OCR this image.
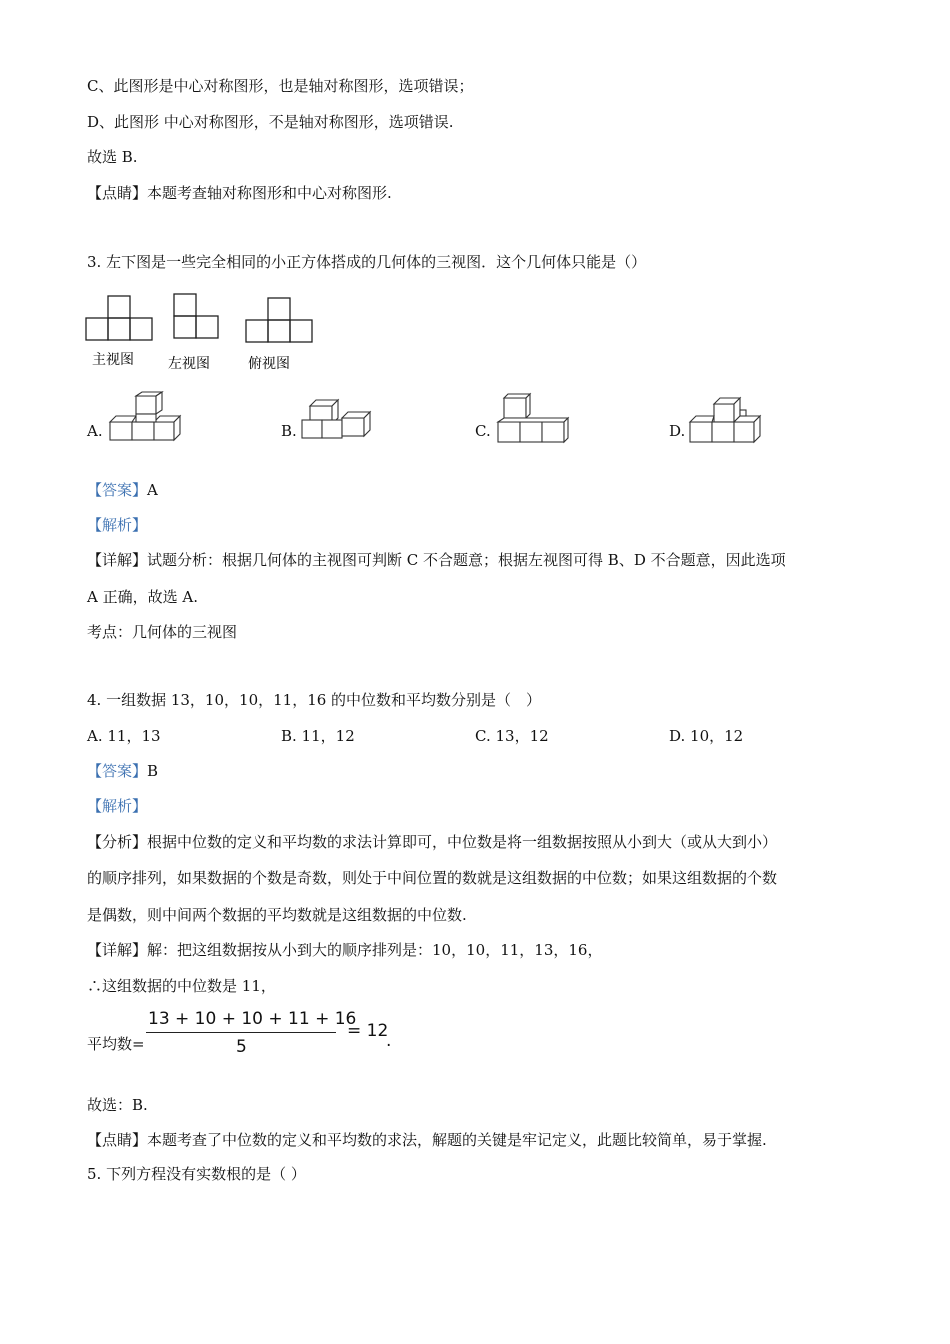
C、此图形是中心对称图形，也是轴对称图形，选项错误；
D、此图形 中心对称图形，不是轴对称图形，选项错误.
故选 B.
【点睛】本题考查轴对称图形和中心对称图形.
3. 左下图是一些完全相同的小正方体搭成的几何体的三视图．这个几何体只能是（）
主视图 左视图	俯视图
A.	B.	C.	D.
【答案】A
【解析】
【详解】试题分析：根据几何体的主视图可判断 C 不合题意；根据左视图可得 B、D 不合题意，因此选项
A 正确，故选 A.
考点：几何体的三视图
4. 一组数据 13，10，10，11，16 的中位数和平均数分别是（　）
A. 11，13	B. 11，12	C. 13，12	D. 10，12
【答案】B
【解析】
【分析】根据中位数的定义和平均数的求法计算即可，中位数是将一组数据按照从小到大（或从大到小）
的顺序排列，如果数据的个数是奇数，则处于中间位置的数就是这组数据的中位数；如果这组数据的个数
是偶数，则中间两个数据的平均数就是这组数据的中位数.
【详解】解：把这组数据按从小到大的顺序排列是：10，10，11，13，16，
∴这组数据的中位数是 11，
平均数=
13 + 10 + 10 + 11 + 16
5
= 12
.
故选：B.
【点睛】本题考查了中位数的定义和平均数的求法，解题的关键是牢记定义，此题比较简单，易于掌握.
5. 下列方程没有实数根的是（ ）
